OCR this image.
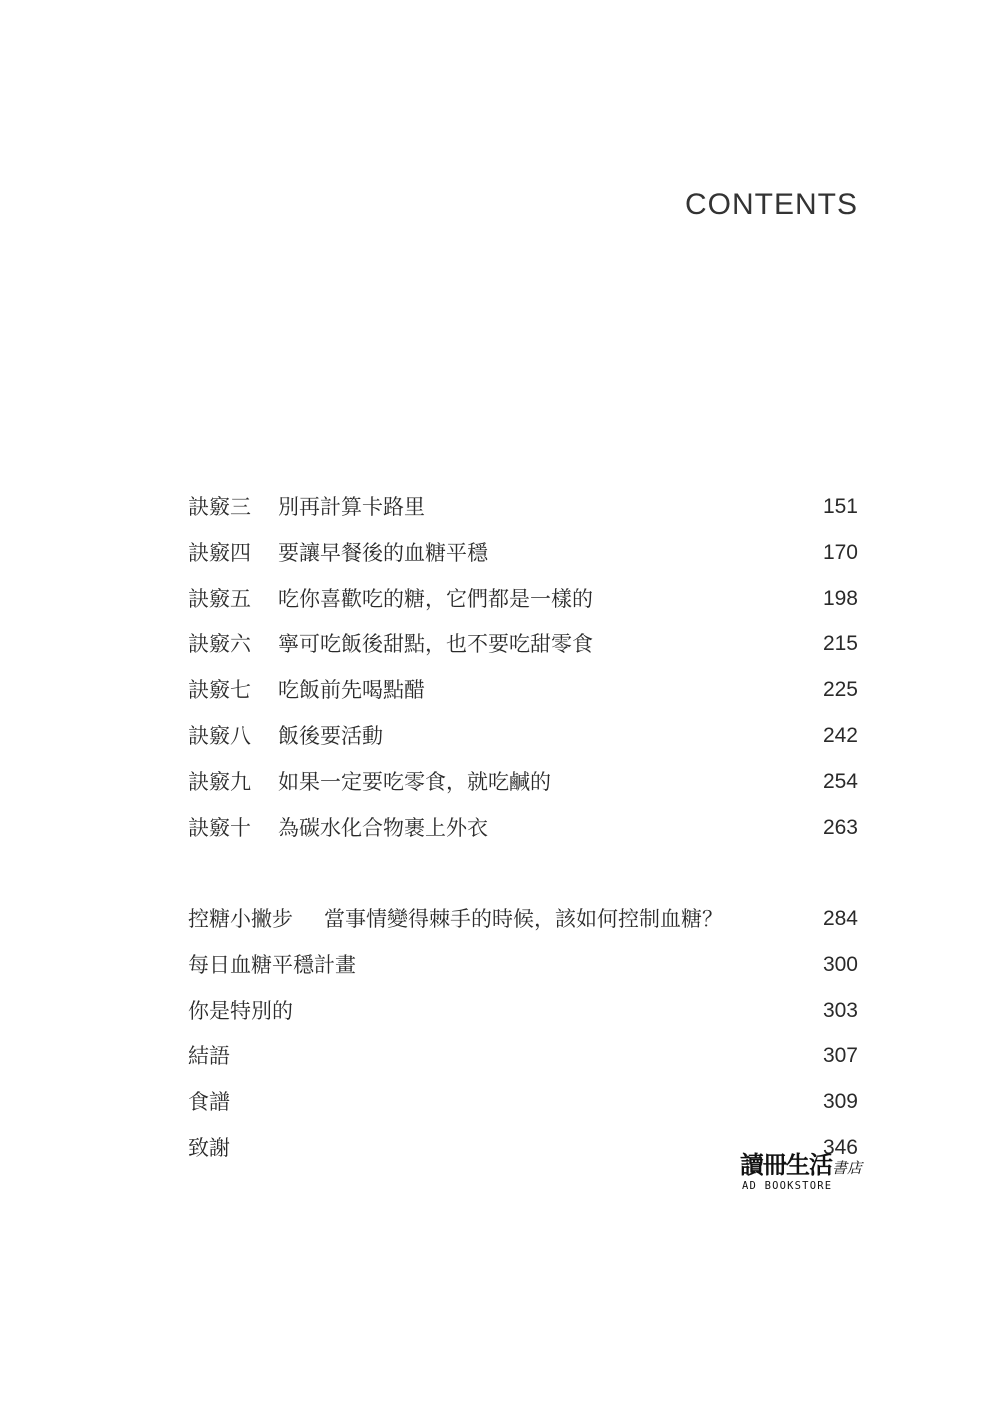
CONTENTS
訣竅三 別再計算卡路里	151
訣竅四 要讓早餐後的血糖平穩	170
訣竅五 吃你喜歡吃的糖，它們都是一樣的	198
訣竅六 寧可吃飯後甜點，也不要吃甜零食	215
訣竅七 吃飯前先喝點醋	225
訣竅八 飯後要活動	242
訣竅九 如果一定要吃零食，就吃鹹的	254
訣竅十 為碳水化合物裹上外衣	263
控糖小撇步 當事情變得棘手的時候，該如何控制血糖？	284
每日血糖平穩計畫	300
你是特別的	303
結語	307
食譜	309
致謝	346
讀冊生活書店
AD BOOKSTORE
